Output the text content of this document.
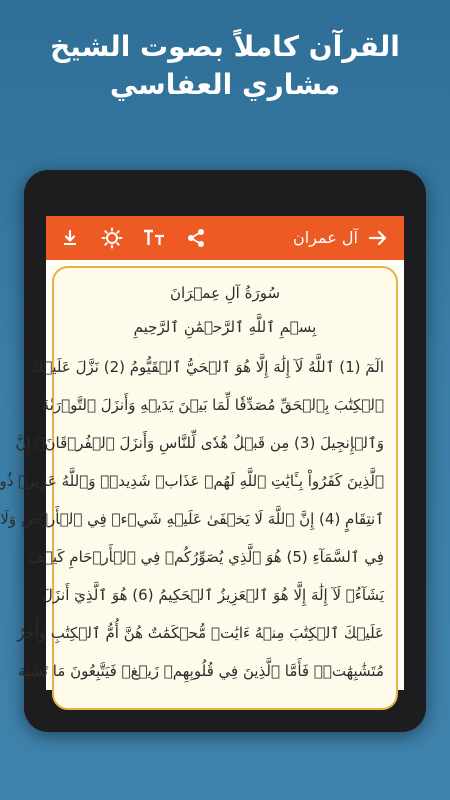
القرآن كاملاً بصوت الشيخ
مشاري العفاسي
آل عمران
سُورَةُ آلِ عِمۡرَانَ
بِسۡمِ ٱللَّهِ ٱلرَّحۡمَٰنِ ٱلرَّحِيمِ
الٓمٓ (1) ٱللَّهُ لَآ إِلَٰهَ إِلَّا هُوَ ٱلۡحَيُّ ٱلۡقَيُّومُ (2) نَزَّلَ عَلَيۡكَ
ٱلۡكِتَٰبَ بِٱلۡحَقِّ مُصَدِّقٗا لِّمَا بَيۡنَ يَدَيۡهِ وَأَنزَلَ ٱلتَّوۡرَىٰةَ
وَٱلۡإِنجِيلَ (3) مِن قَبۡلُ هُدٗى لِّلنَّاسِ وَأَنزَلَ ٱلۡفُرۡقَانَۗ إِنَّ
ٱلَّذِينَ كَفَرُواْ بِـَٔايَٰتِ ٱللَّهِ لَهُمۡ عَذَابٞ شَدِيدٞۗ وَٱللَّهُ عَزِيزٞ ذُو
ٱنتِقَامٍ (4) إِنَّ ٱللَّهَ لَا يَخۡفَىٰ عَلَيۡهِ شَيۡءٞ فِي ٱلۡأَرۡضِ وَلَا
فِي ٱلسَّمَآءِ (5) هُوَ ٱلَّذِي يُصَوِّرُكُمۡ فِي ٱلۡأَرۡحَامِ كَيۡفَ
يَشَآءُۚ لَآ إِلَٰهَ إِلَّا هُوَ ٱلۡعَزِيزُ ٱلۡحَكِيمُ (6) هُوَ ٱلَّذِيٓ أَنزَلَ
عَلَيۡكَ ٱلۡكِتَٰبَ مِنۡهُ ءَايَٰتٞ مُّحۡكَمَٰتٌ هُنَّ أُمُّ ٱلۡكِتَٰبِ وَأُخَرُ
مُتَشَٰبِهَٰتٞۖ فَأَمَّا ٱلَّذِينَ فِي قُلُوبِهِمۡ زَيۡغٞ فَيَتَّبِعُونَ مَا تَشَٰبَهَ
